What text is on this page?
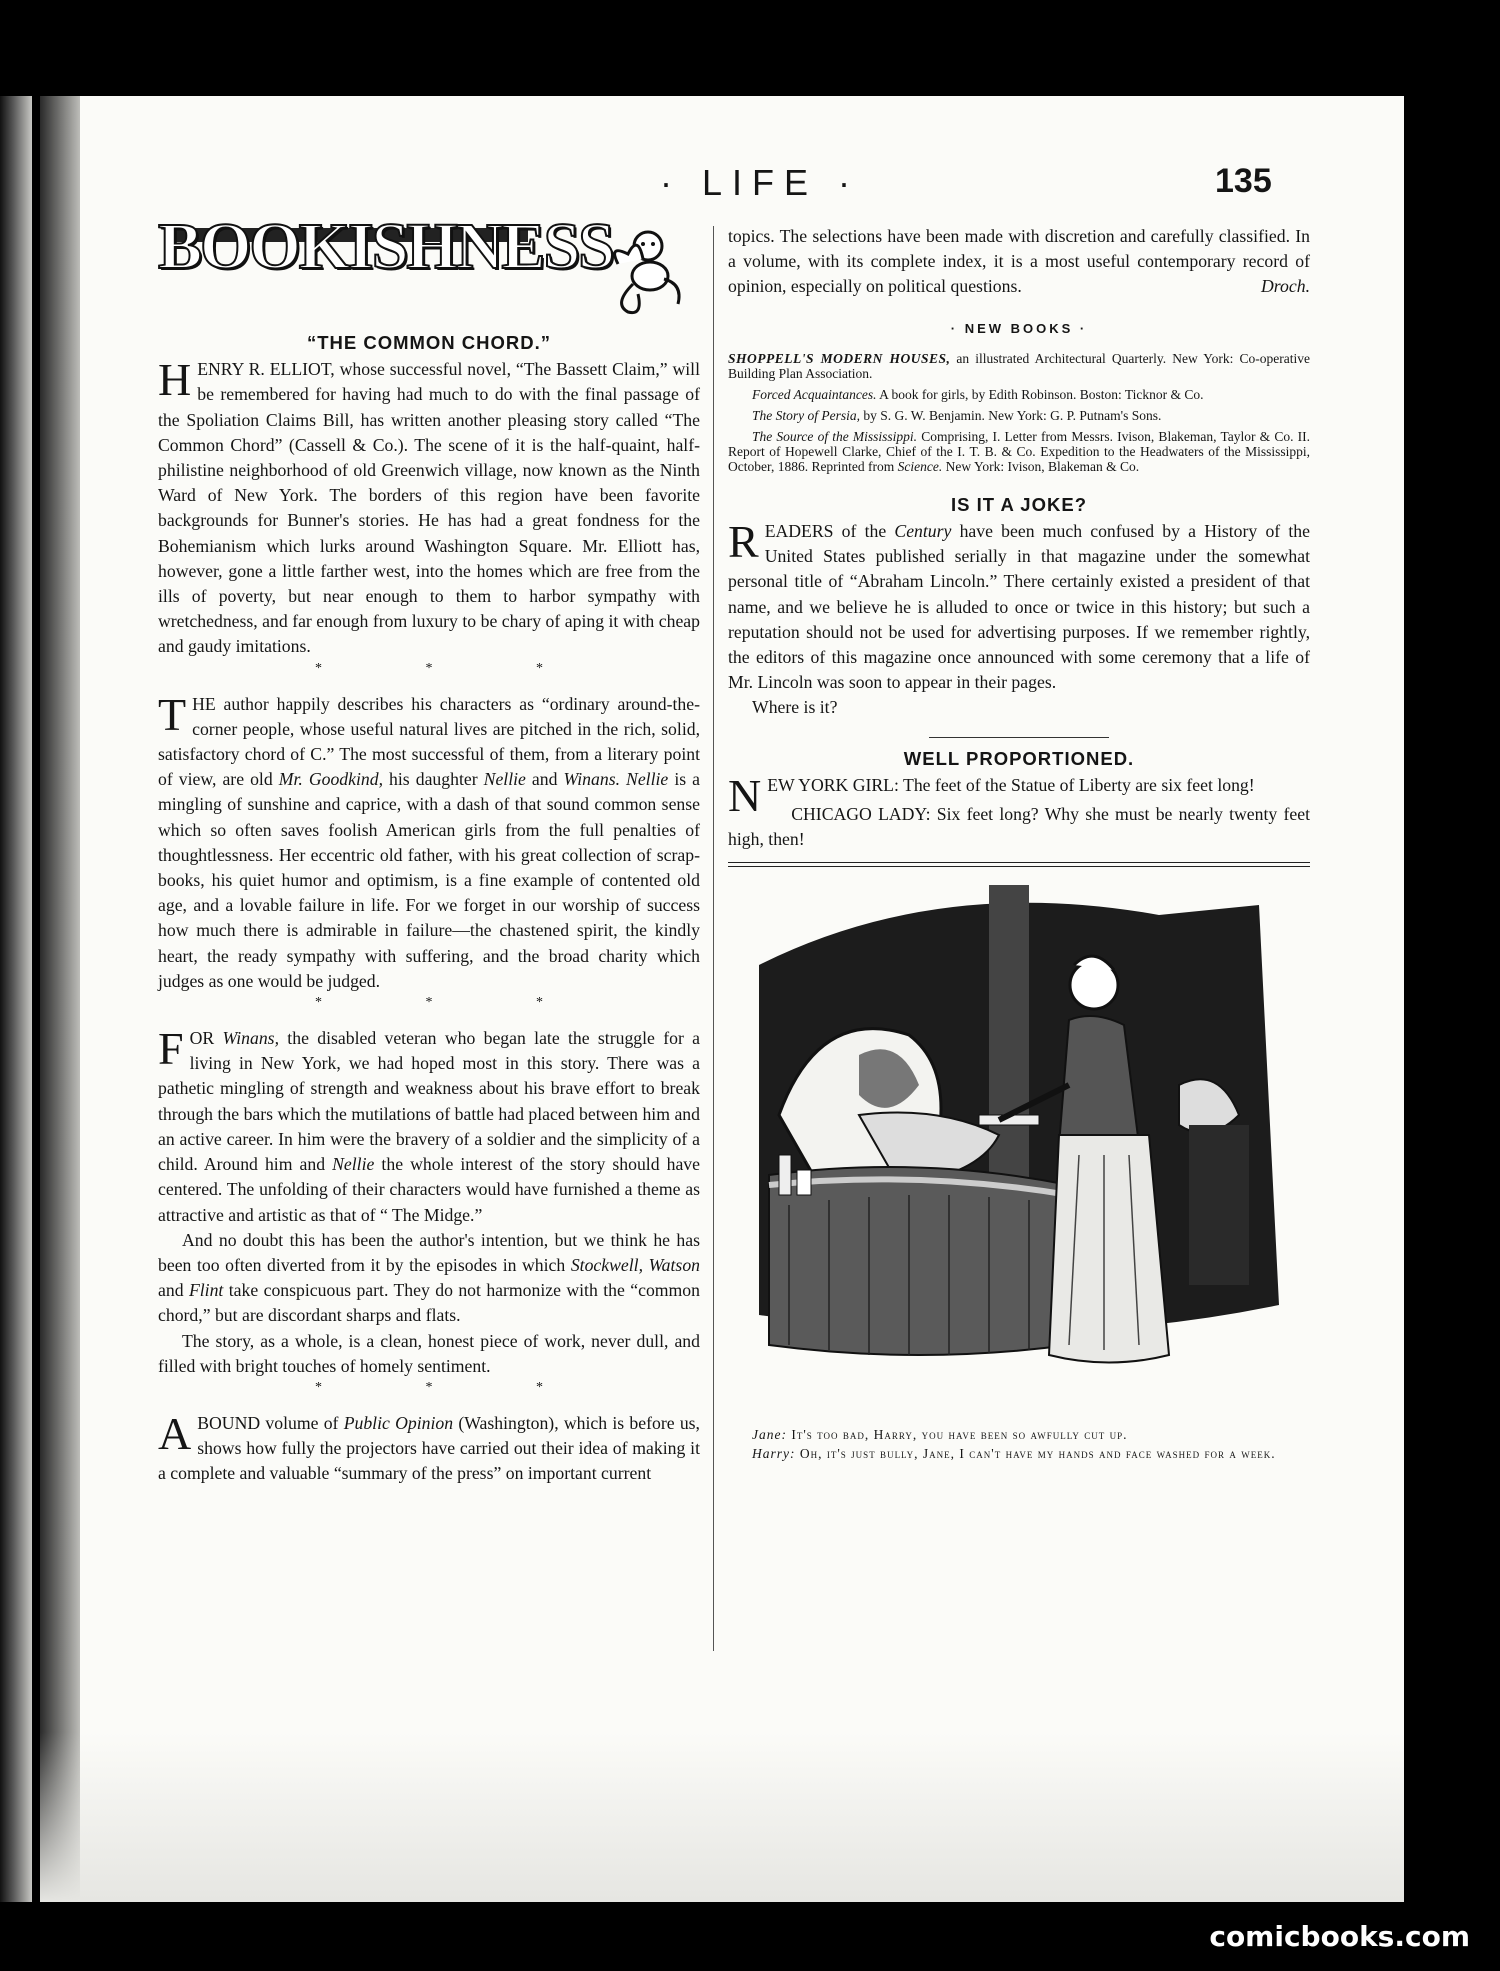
· LIFE ·	135
BOOKISHNESS
“THE COMMON CHORD.”

HENRY R. ELLIOT, whose successful novel, “The Bassett Claim,” will be remembered for having had much to do with the final passage of the Spoliation Claims Bill, has written another pleasing story called “The Common Chord” (Cassell & Co.). The scene of it is the half-quaint, half-philistine neighborhood of old Greenwich village, now known as the Ninth Ward of New York. The borders of this region have been favorite backgrounds for Bunner's stories. He has had a great fondness for the Bohemianism which lurks around Washington Square. Mr. Elliott has, however, gone a little farther west, into the homes which are free from the ills of poverty, but near enough to them to harbor sympathy with wretchedness, and far enough from luxury to be chary of aping it with cheap and gaudy imitations.

* * *

THE author happily describes his characters as “ordinary around-the-corner people, whose useful natural lives are pitched in the rich, solid, satisfactory chord of C.” The most successful of them, from a literary point of view, are old Mr. Goodkind, his daughter Nellie and Winans. Nellie is a mingling of sunshine and caprice, with a dash of that sound common sense which so often saves foolish American girls from the full penalties of thoughtlessness. Her eccentric old father, with his great collection of scrap-books, his quiet humor and optimism, is a fine example of contented old age, and a lovable failure in life. For we forget in our worship of success how much there is admirable in failure—the chastened spirit, the kindly heart, the ready sympathy with suffering, and the broad charity which judges as one would be judged.

* * *

FOR Winans, the disabled veteran who began late the struggle for a living in New York, we had hoped most in this story. There was a pathetic mingling of strength and weakness about his brave effort to break through the bars which the mutilations of battle had placed between him and an active career. In him were the bravery of a soldier and the simplicity of a child. Around him and Nellie the whole interest of the story should have centered. The unfolding of their characters would have furnished a theme as attractive and artistic as that of “ The Midge.”

And no doubt this has been the author's intention, but we think he has been too often diverted from it by the episodes in which Stockwell, Watson and Flint take conspicuous part. They do not harmonize with the “common chord,” but are discordant sharps and flats.

The story, as a whole, is a clean, honest piece of work, never dull, and filled with bright touches of homely sentiment.

* * *

A BOUND volume of Public Opinion (Washington), which is before us, shows how fully the projectors have carried out their idea of making it a complete and valuable “summary of the press” on important current

topics. The selections have been made with discretion and carefully classified. In a volume, with its complete index, it is a most useful contemporary record of opinion, especially on political questions.	Droch.

· NEW BOOKS ·
SHOPPELL'S MODERN HOUSES, an illustrated Architectural Quarterly. New York: Co-operative Building Plan Association.
Forced Acquaintances. A book for girls, by Edith Robinson. Boston: Ticknor & Co.
The Story of Persia, by S. G. W. Benjamin. New York: G. P. Putnam's Sons.
The Source of the Mississippi. Comprising, I. Letter from Messrs. Ivison, Blakeman, Taylor & Co. II. Report of Hopewell Clarke, Chief of the I. T. B. & Co. Expedition to the Headwaters of the Mississippi, October, 1886. Reprinted from Science. New York: Ivison, Blakeman & Co.
IS IT A JOKE?

READERS of the Century have been much confused by a History of the United States published serially in that magazine under the somewhat personal title of “Abraham Lincoln.” There certainly existed a president of that name, and we believe he is alluded to once or twice in this history; but such a reputation should not be used for advertising purposes. If we remember rightly, the editors of this magazine once announced with some ceremony that a life of Mr. Lincoln was soon to appear in their pages.

Where is it?

WELL PROPORTIONED.

NEW YORK GIRL: The feet of the Statue of Liberty are six feet long!

CHICAGO LADY: Six feet long? Why she must be nearly twenty feet high, then!

Jane: It's too bad, Harry, you have been so awfully cut up.

Harry: Oh, it's just bully, Jane, I can't have my hands and face washed for a week.

comicbooks.com
